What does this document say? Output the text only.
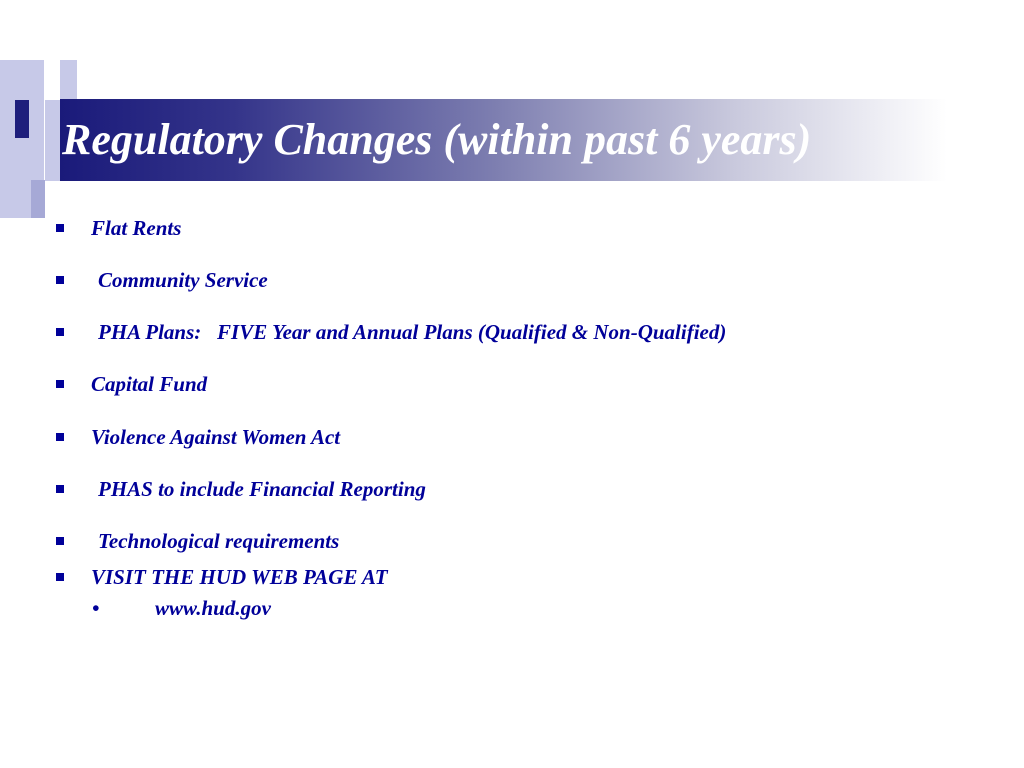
Regulatory Changes (within past 6 years)
Flat Rents
Community Service
PHA Plans:   FIVE Year and Annual Plans (Qualified & Non-Qualified)
Capital Fund
Violence Against Women Act
PHAS to include Financial Reporting
Technological requirements
VISIT THE HUD WEB PAGE AT
•	www.hud.gov
